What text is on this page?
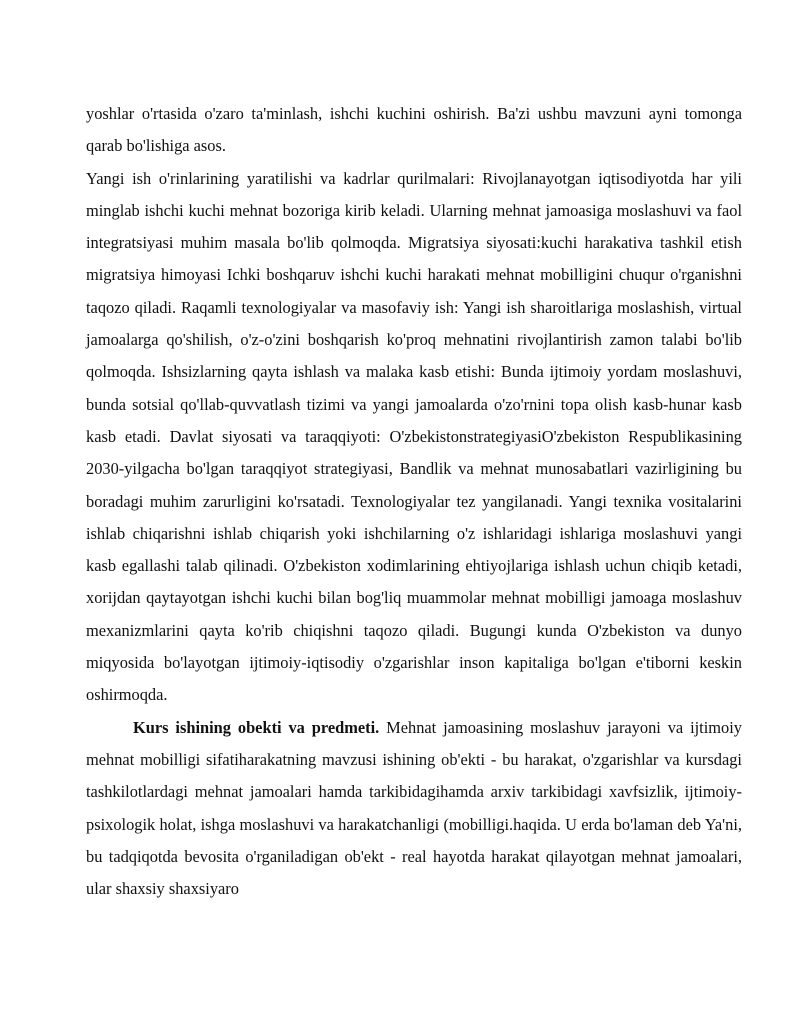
yoshlar o'rtasida o'zaro ta'minlash, ishchi kuchini oshirish. Ba'zi ushbu mavzuni ayni tomonga qarab bo'lishiga asos.

Yangi ish o'rinlarining yaratilishi va kadrlar qurilmalari: Rivojlanayotgan iqtisodiyotda har yili minglab ishchi kuchi mehnat bozoriga kirib keladi. Ularning mehnat jamoasiga moslashuvi va faol integratsiyasi muhim masala bo'lib qolmoqda. Migratsiya siyosati:kuchi harakativa tashkil etish migratsiya himoyasi Ichki boshqaruv ishchi kuchi harakati mehnat mobilligini chuqur o'rganishni taqozo qiladi. Raqamli texnologiyalar va masofaviy ish: Yangi ish sharoitlariga moslashish, virtual jamoalarga qo'shilish, o'z-o'zini boshqarish ko'proq mehnatini rivojlantirish zamon talabi bo'lib qolmoqda. Ishsizlarning qayta ishlash va malaka kasb etishi: Bunda ijtimoiy yordam moslashuvi, bunda sotsial qo'llab-quvvatlash tizimi va yangi jamoalarda o'zo'rnini topa olish kasb-hunar kasb kasb etadi. Davlat siyosati va taraqqiyoti: O'zbekistonstrategiyasiO'zbekiston Respublikasining 2030-yilgacha bo'lgan taraqqiyot strategiyasi, Bandlik va mehnat munosabatlari vazirligining bu boradagi muhim zarurligini ko'rsatadi. Texnologiyalar tez yangilanadi. Yangi texnika vositalarini ishlab chiqarishni ishlab chiqarish yoki ishchilarning o'z ishlaridagi ishlariga moslashuvi yangi kasb egallashi talab qilinadi. O'zbekiston xodimlarining ehtiyojlariga ishlash uchun chiqib ketadi, xorijdan qaytayotgan ishchi kuchi bilan bog'liq muammolar mehnat mobilligi jamoaga moslashuv mexanizmlarini qayta ko'rib chiqishni taqozo qiladi. Bugungi kunda O'zbekiston va dunyo miqyosida bo'layotgan ijtimoiy-iqtisodiy o'zgarishlar inson kapitaliga bo'lgan e'tiborni keskin oshirmoqda.

Kurs ishining obekti va predmeti. Mehnat jamoasining moslashuv jarayoni va ijtimoiy mehnat mobilligi sifatiharakatning mavzusi ishining ob'ekti - bu harakat, o'zgarishlar va kursdagi tashkilotlardagi mehnat jamoalari hamda tarkibidagihamda arxiv tarkibidagi xavfsizlik, ijtimoiy-psixologik holat, ishga moslashuvi va harakatchanligi (mobilligi.haqida. U erda bo'laman deb Ya'ni, bu tadqiqotda bevosita o'rganiladigan ob'ekt - real hayotda harakat qilayotgan mehnat jamoalari, ular shaxsiy shaxsiyaro
